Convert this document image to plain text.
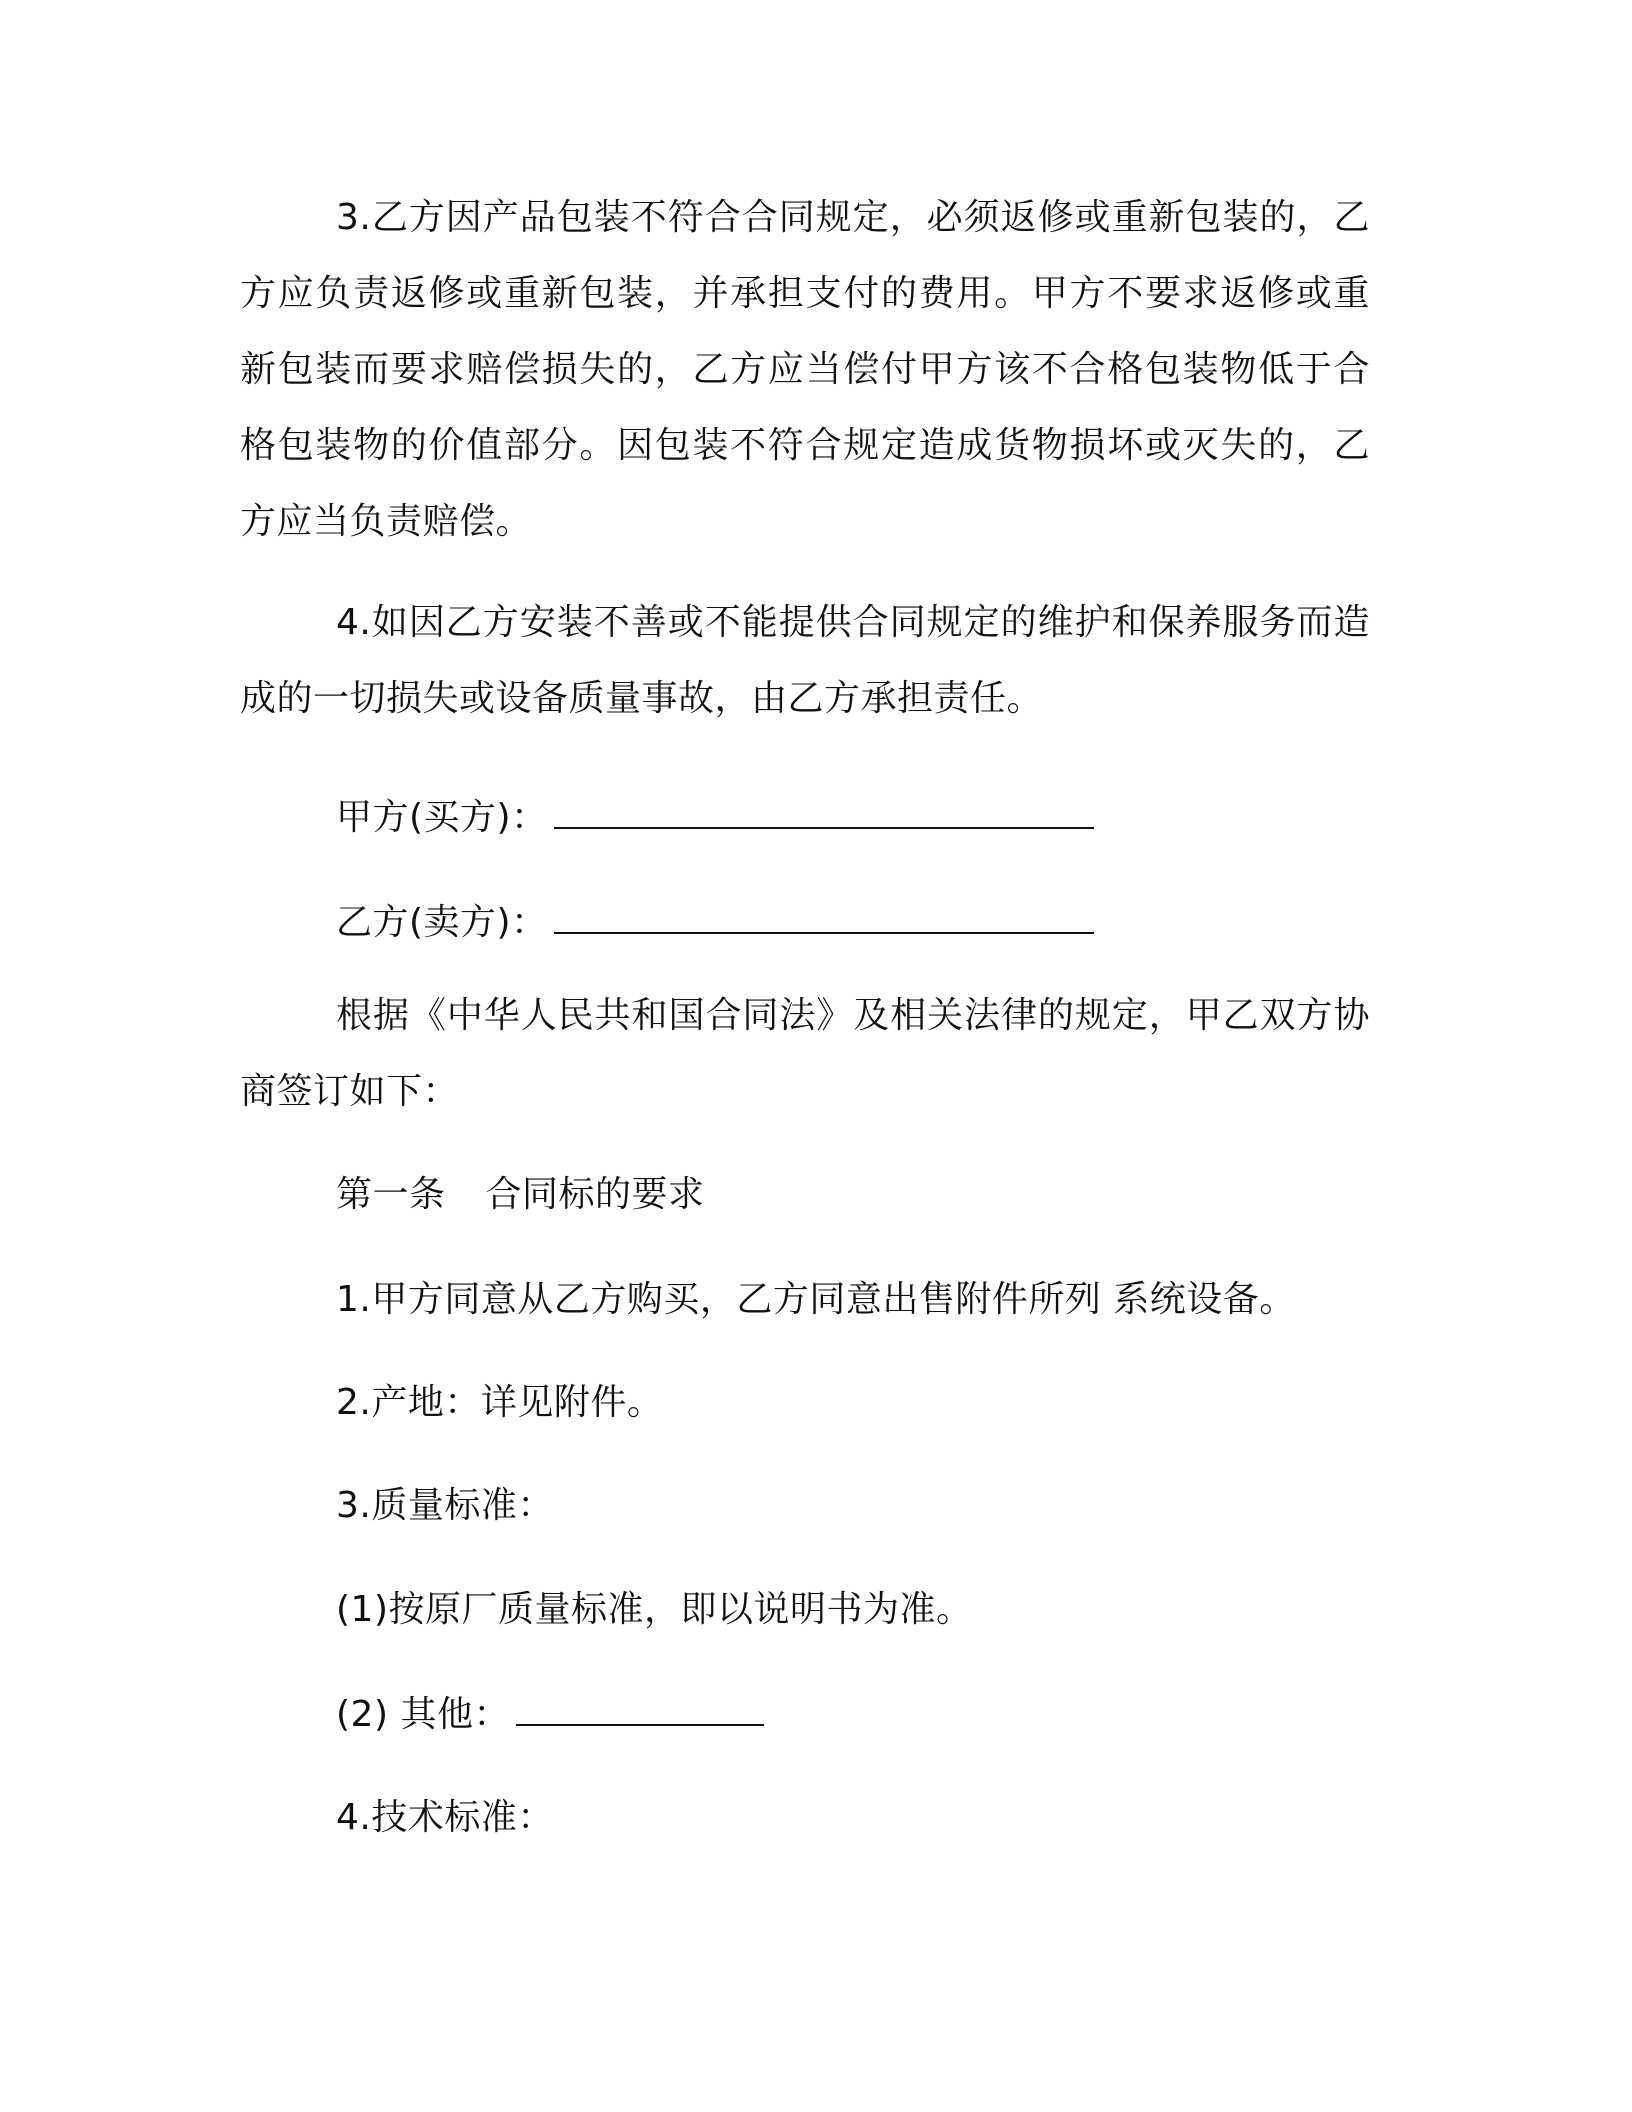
3.乙方因产品包装不符合合同规定，必须返修或重新包装的，乙方应负责返修或重新包装，并承担支付的费用。甲方不要求返修或重新包装而要求赔偿损失的，乙方应当偿付甲方该不合格包装物低于合格包装物的价值部分。因包装不符合规定造成货物损坏或灭失的，乙方应当负责赔偿。

4.如因乙方安装不善或不能提供合同规定的维护和保养服务而造成的一切损失或设备质量事故，由乙方承担责任。

甲方(买方)：

乙方(卖方)：

根据《中华人民共和国合同法》及相关法律的规定，甲乙双方协商签订如下：

第一条 合同标的要求

1.甲方同意从乙方购买，乙方同意出售附件所列 系统设备。

2.产地：详见附件。

3.质量标准：

(1)按原厂质量标准，即以说明书为准。

(2) 其他：

4.技术标准：
